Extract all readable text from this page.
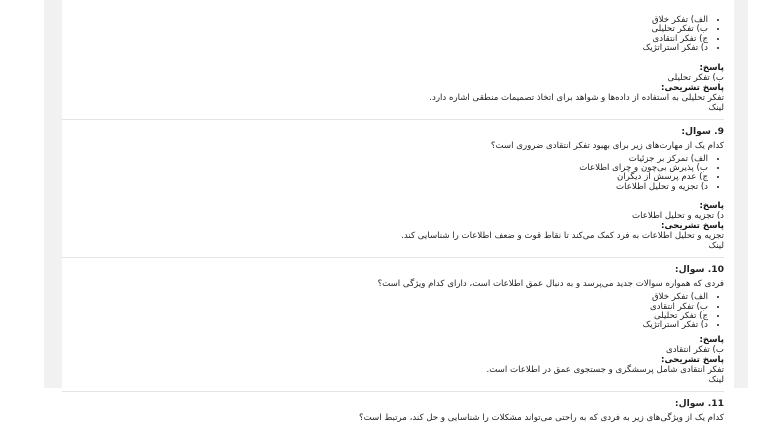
• الف) تفکر خلاق
• ب) تفکر تحلیلی
• ج) تفکر انتقادی
• د) تفکر استراتژیک
پاسخ:
ب) تفکر تحلیلی
پاسخ تشریحی:
تفکر تحلیلی به استفاده از داده‌ها و شواهد برای اتخاذ تصمیمات منطقی اشاره دارد.
لینک
9. سوال:
کدام یک از مهارت‌های زیر برای بهبود تفکر انتقادی ضروری است؟
• الف) تمرکز بر جزئیات
• ب) پذیرش بی‌چون و چرای اطلاعات
• ج) عدم پرسش از دیگران
• د) تجزیه و تحلیل اطلاعات
پاسخ:
د) تجزیه و تحلیل اطلاعات
پاسخ تشریحی:
تجزیه و تحلیل اطلاعات به فرد کمک می‌کند تا نقاط قوت و ضعف اطلاعات را شناسایی کند.
لینک
10. سوال:
فردی که همواره سوالات جدید می‌پرسد و به دنبال عمق اطلاعات است، دارای کدام ویژگی است؟
• الف) تفکر خلاق
• ب) تفکر انتقادی
• ج) تفکر تحلیلی
• د) تفکر استراتژیک
پاسخ:
ب) تفکر انتقادی
پاسخ تشریحی:
تفکر انتقادی شامل پرسشگری و جستجوی عمق در اطلاعات است.
لینک
11. سوال:
کدام یک از ویژگی‌های زیر به فردی که به راحتی می‌تواند مشکلات را شناسایی و حل کند، مرتبط است؟
